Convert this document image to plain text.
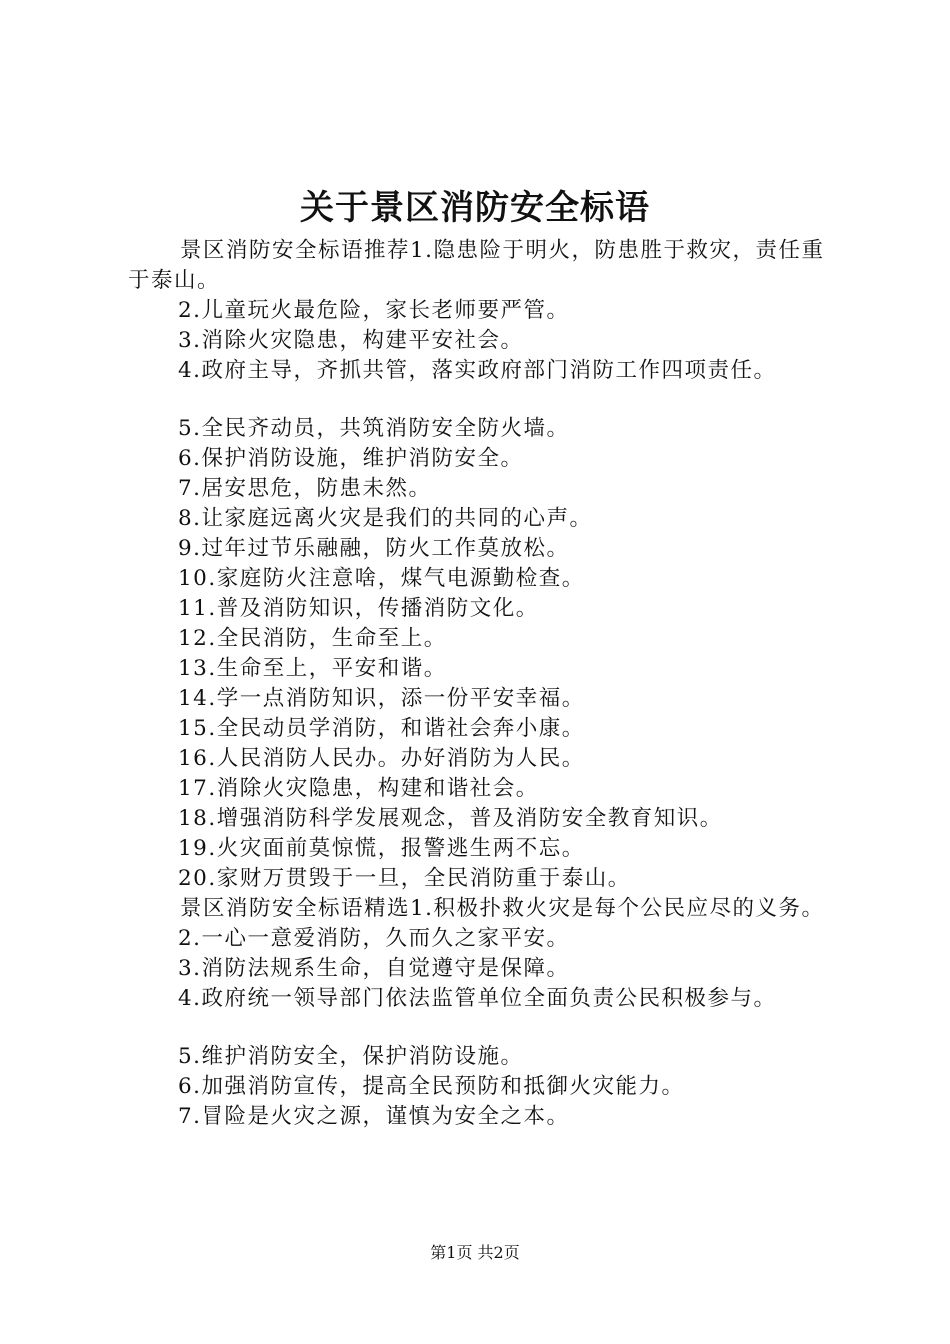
关于景区消防安全标语

景区消防安全标语推荐1.隐患险于明火，防患胜于救灾，责任重于泰山。

2.儿童玩火最危险，家长老师要严管。

3.消除火灾隐患，构建平安社会。

4.政府主导，齐抓共管，落实政府部门消防工作四项责任。

5.全民齐动员，共筑消防安全防火墙。

6.保护消防设施，维护消防安全。

7.居安思危，防患未然。

8.让家庭远离火灾是我们的共同的心声。

9.过年过节乐融融，防火工作莫放松。

10.家庭防火注意啥，煤气电源勤检查。

11.普及消防知识，传播消防文化。

12.全民消防，生命至上。

13.生命至上，平安和谐。

14.学一点消防知识，添一份平安幸福。

15.全民动员学消防，和谐社会奔小康。

16.人民消防人民办。办好消防为人民。

17.消除火灾隐患，构建和谐社会。

18.增强消防科学发展观念，普及消防安全教育知识。

19.火灾面前莫惊慌，报警逃生两不忘。

20.家财万贯毁于一旦，全民消防重于泰山。

景区消防安全标语精选1.积极扑救火灾是每个公民应尽的义务。

2.一心一意爱消防，久而久之家平安。

3.消防法规系生命，自觉遵守是保障。

4.政府统一领导部门依法监管单位全面负责公民积极参与。

5.维护消防安全，保护消防设施。

6.加强消防宣传，提高全民预防和抵御火灾能力。

7.冒险是火灾之源，谨慎为安全之本。

第1页 共2页
